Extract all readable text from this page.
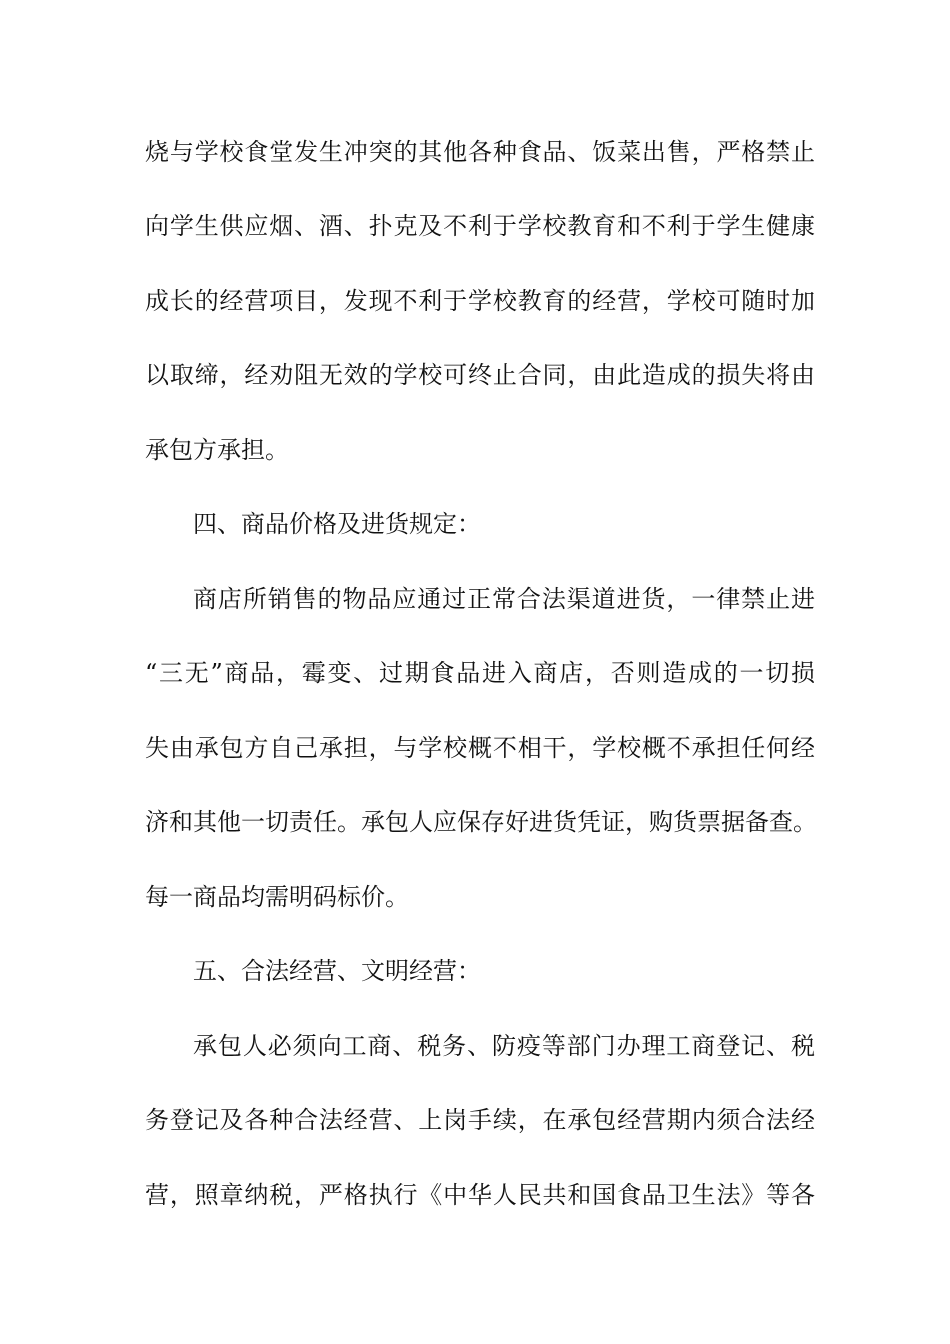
烧与学校食堂发生冲突的其他各种食品、饭菜出售，严格禁止
向学生供应烟、酒、扑克及不利于学校教育和不利于学生健康
成长的经营项目，发现不利于学校教育的经营，学校可随时加
以取缔，经劝阻无效的学校可终止合同，由此造成的损失将由
承包方承担。
四、商品价格及进货规定：
商店所销售的物品应通过正常合法渠道进货，一律禁止进
“三无”商品，霉变、过期食品进入商店，否则造成的一切损
失由承包方自己承担，与学校概不相干，学校概不承担任何经
济和其他一切责任。承包人应保存好进货凭证，购货票据备查。
每一商品均需明码标价。
五、合法经营、文明经营：
承包人必须向工商、税务、防疫等部门办理工商登记、税
务登记及各种合法经营、上岗手续，在承包经营期内须合法经
营，照章纳税，严格执行《中华人民共和国食品卫生法》等各
